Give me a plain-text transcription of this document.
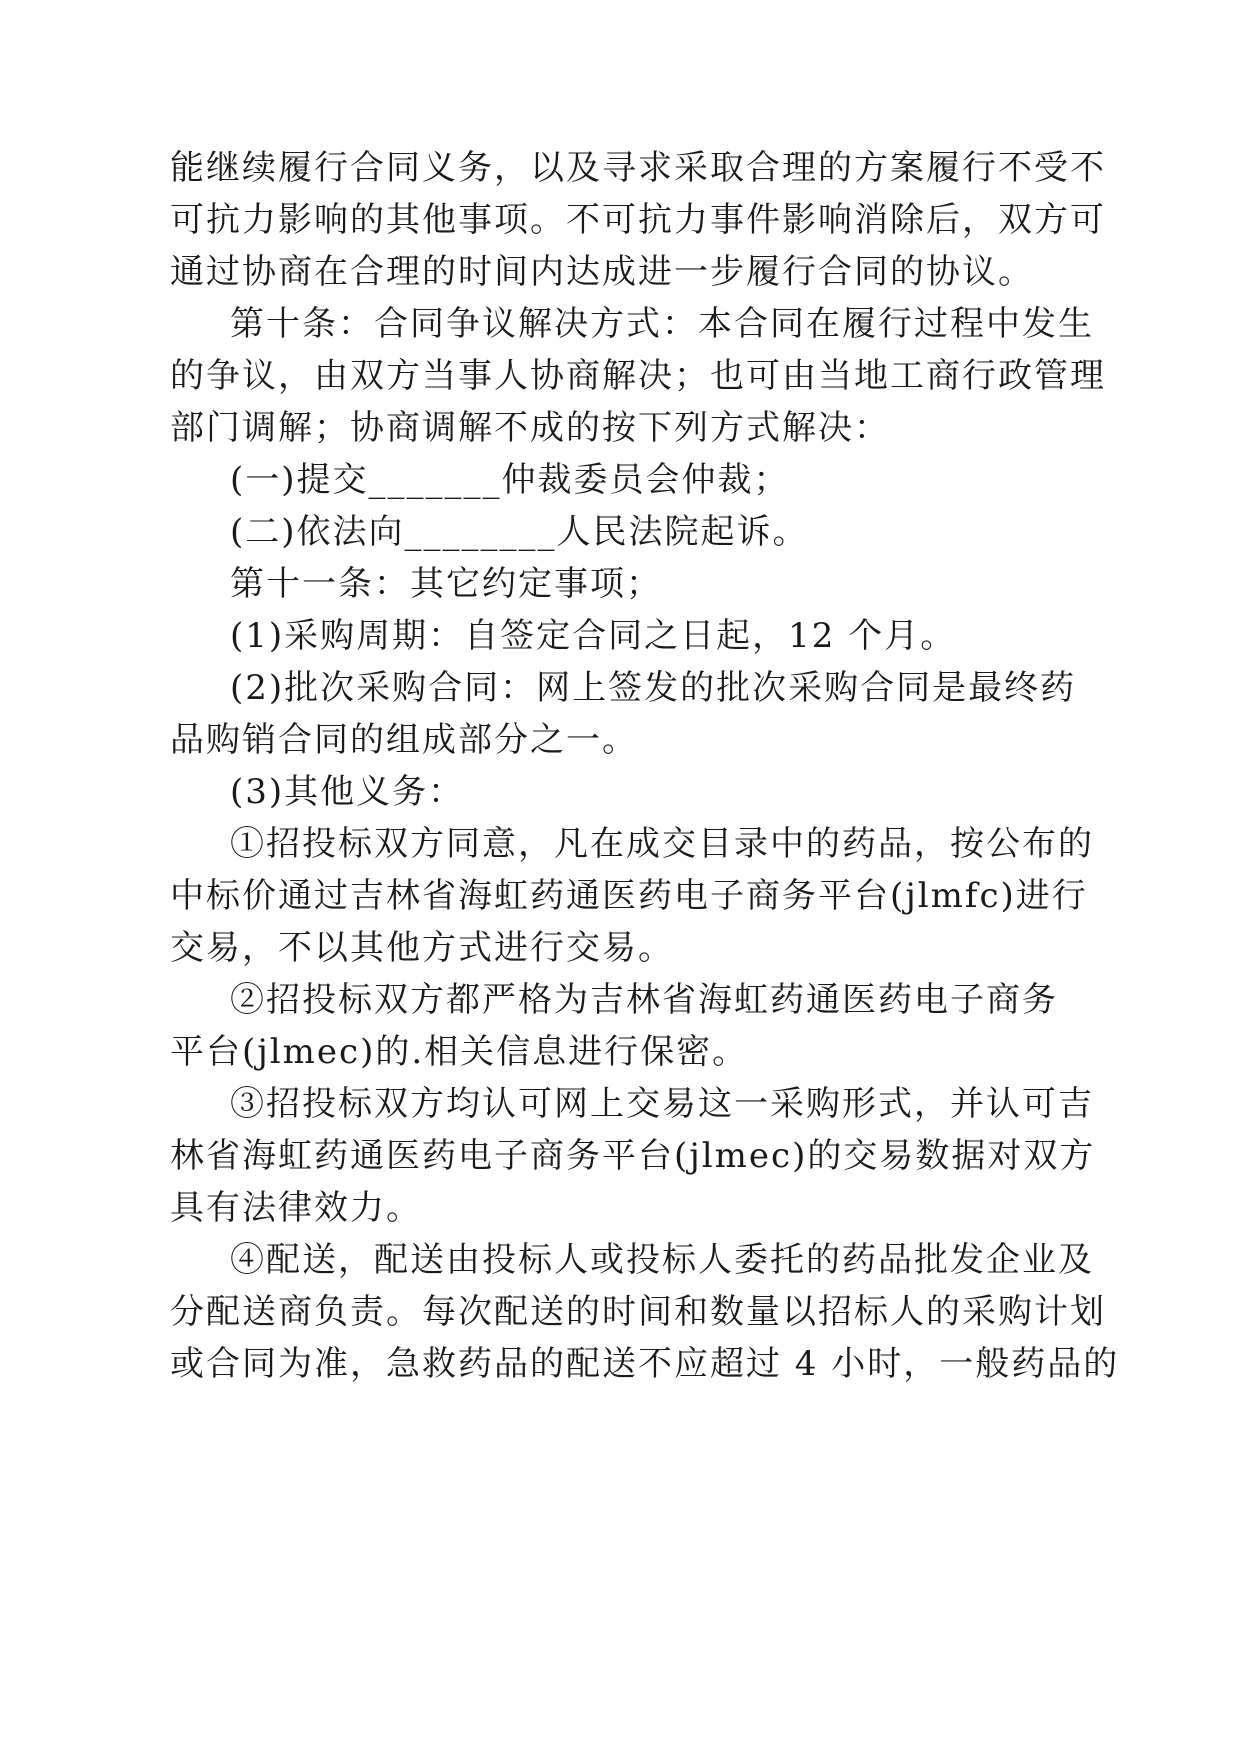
能继续履行合同义务，以及寻求采取合理的方案履行不受不
可抗力影响的其他事项。不可抗力事件影响消除后，双方可
通过协商在合理的时间内达成进一步履行合同的协议。
第十条：合同争议解决方式：本合同在履行过程中发生
的争议，由双方当事人协商解决；也可由当地工商行政管理
部门调解；协商调解不成的按下列方式解决：
(一)提交_______仲裁委员会仲裁；
(二)依法向________人民法院起诉。
第十一条：其它约定事项；
(1)采购周期：自签定合同之日起，12 个月。
(2)批次采购合同：网上签发的批次采购合同是最终药
品购销合同的组成部分之一。
(3)其他义务：
①招投标双方同意，凡在成交目录中的药品，按公布的
中标价通过吉林省海虹药通医药电子商务平台(jlmfc)进行
交易，不以其他方式进行交易。
②招投标双方都严格为吉林省海虹药通医药电子商务
平台(jlmec)的.相关信息进行保密。
③招投标双方均认可网上交易这一采购形式，并认可吉
林省海虹药通医药电子商务平台(jlmec)的交易数据对双方
具有法律效力。
④配送，配送由投标人或投标人委托的药品批发企业及
分配送商负责。每次配送的时间和数量以招标人的采购计划
或合同为准，急救药品的配送不应超过 4 小时，一般药品的
